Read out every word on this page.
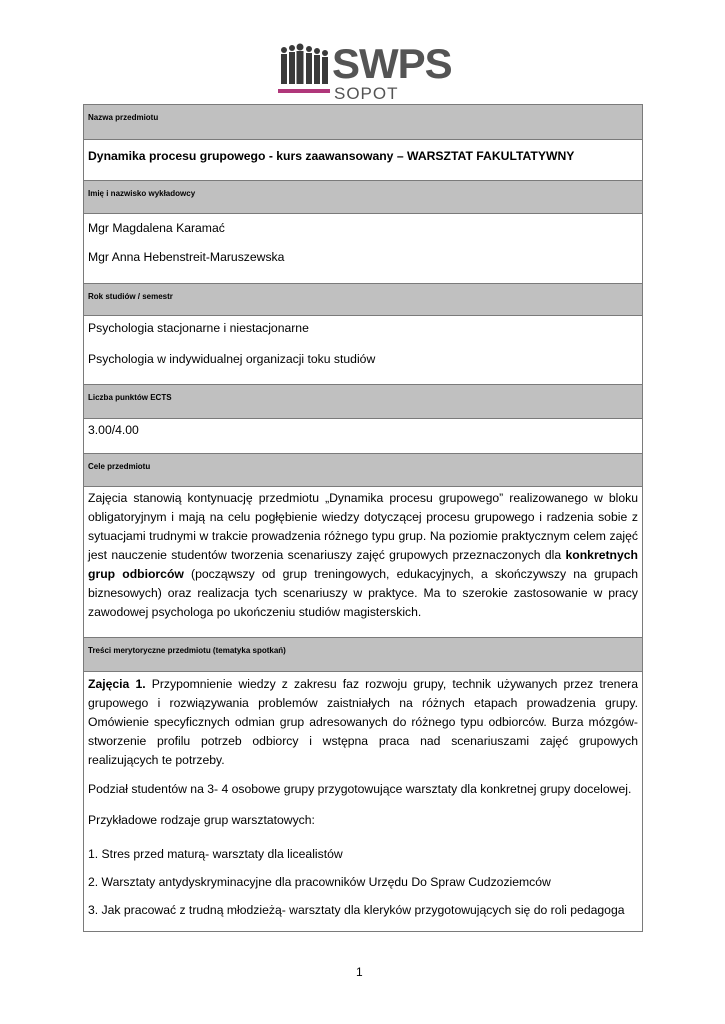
SWPS
SOPOT
Nazwa przedmiotu

Dynamika procesu grupowego - kurs zaawansowany – WARSZTAT FAKULTATYWNY

Imię i nazwisko wykładowcy

Mgr Magdalena Karamać

Mgr Anna Hebenstreit-Maruszewska

Rok studiów / semestr

Psychologia stacjonarne i niestacjonarne

Psychologia w indywidualnej organizacji toku studiów

Liczba punktów ECTS

3.00/4.00

Cele przedmiotu

Zajęcia stanowią kontynuację przedmiotu „Dynamika procesu grupowego” realizowanego w bloku obligatoryjnym i mają na celu pogłębienie wiedzy dotyczącej procesu grupowego i radzenia sobie z sytuacjami trudnymi w trakcie prowadzenia różnego typu grup. Na poziomie praktycznym celem zajęć jest nauczenie studentów tworzenia scenariuszy zajęć grupowych przeznaczonych dla konkretnych grup odbiorców (począwszy od grup treningowych, edukacyjnych, a skończywszy na grupach biznesowych) oraz realizacja tych scenariuszy w praktyce. Ma to szerokie zastosowanie w pracy zawodowej psychologa po ukończeniu studiów magisterskich.

Treści merytoryczne przedmiotu (tematyka spotkań)

Zajęcia 1. Przypomnienie wiedzy z zakresu faz rozwoju grupy, technik używanych przez trenera grupowego i rozwiązywania problemów zaistniałych na różnych etapach prowadzenia grupy. Omówienie specyficznych odmian grup adresowanych do różnego typu odbiorców. Burza mózgów- stworzenie profilu potrzeb odbiorcy i wstępna praca nad scenariuszami zajęć grupowych realizujących te potrzeby.

Podział studentów na 3- 4 osobowe grupy przygotowujące warsztaty dla konkretnej grupy docelowej.

Przykładowe rodzaje grup warsztatowych:

1. Stres przed maturą- warsztaty dla licealistów

2. Warsztaty antydyskryminacyjne dla pracowników Urzędu Do Spraw Cudzoziemców

3. Jak pracować z trudną młodzieżą- warsztaty dla kleryków przygotowujących się do roli pedagoga

1
